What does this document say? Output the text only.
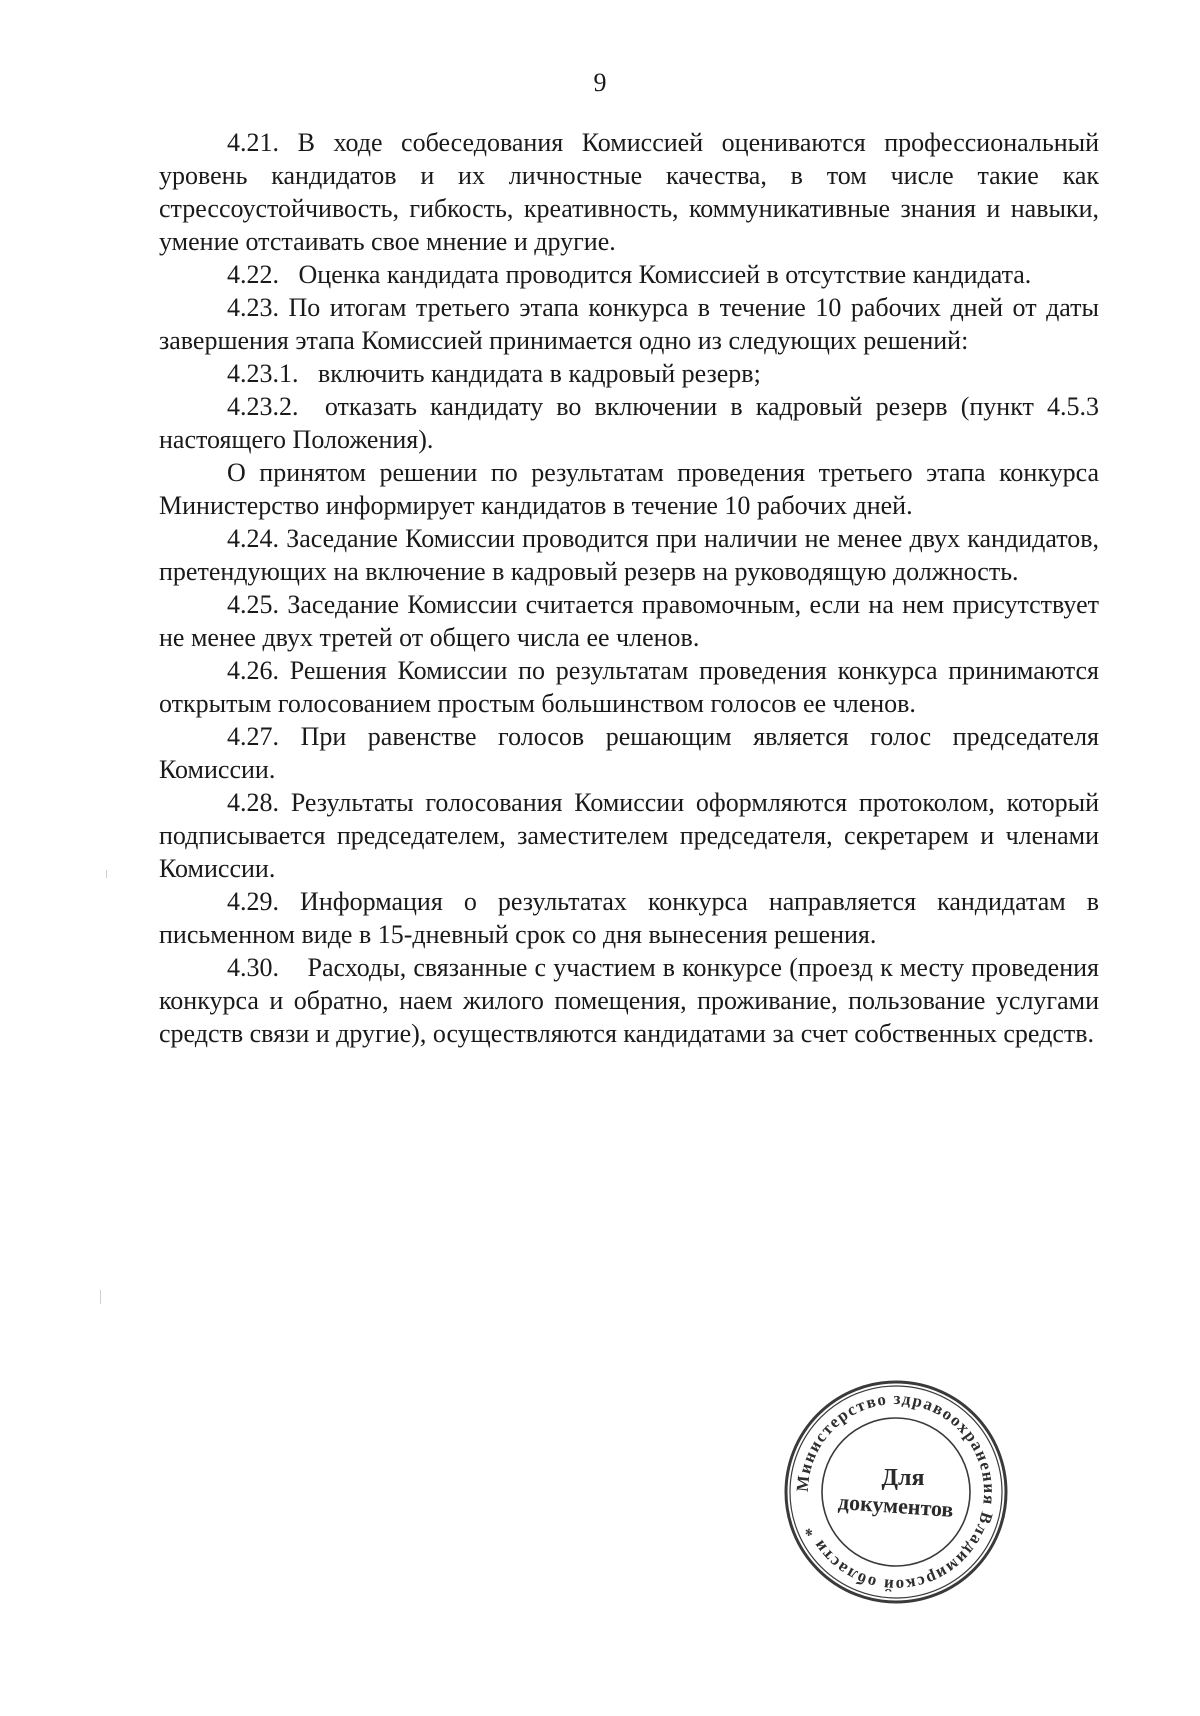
9

4.21. В ходе собеседования Комиссией оцениваются профессиональный уровень кандидатов и их личностные качества, в том числе такие как стрессоустойчивость, гибкость, креативность, коммуникативные знания и навыки, умение отстаивать свое мнение и другие.

4.22. Оценка кандидата проводится Комиссией в отсутствие кандидата.

4.23. По итогам третьего этапа конкурса в течение 10 рабочих дней от даты завершения этапа Комиссией принимается одно из следующих решений:

4.23.1. включить кандидата в кадровый резерв;

4.23.2. отказать кандидату во включении в кадровый резерв (пункт 4.5.3 настоящего Положения).

О принятом решении по результатам проведения третьего этапа конкурса Министерство информирует кандидатов в течение 10 рабочих дней.

4.24. Заседание Комиссии проводится при наличии не менее двух кандидатов, претендующих на включение в кадровый резерв на руководящую должность.

4.25. Заседание Комиссии считается правомочным, если на нем присутствует не менее двух третей от общего числа ее членов.

4.26. Решения Комиссии по результатам проведения конкурса принимаются открытым голосованием простым большинством голосов ее членов.

4.27. При равенстве голосов решающим является голос председателя Комиссии.

4.28. Результаты голосования Комиссии оформляются протоколом, который подписывается председателем, заместителем председателя, секретарем и членами Комиссии.

4.29. Информация о результатах конкурса направляется кандидатам в письменном виде в 15-дневный срок со дня вынесения решения.

4.30. Расходы, связанные с участием в конкурсе (проезд к месту проведения конкурса и обратно, наем жилого помещения, проживание, пользование услугами средств связи и другие), осуществляются кандидатами за счет собственных средств.

Министерство здравоохранения Владимирской области *
Для
документов
